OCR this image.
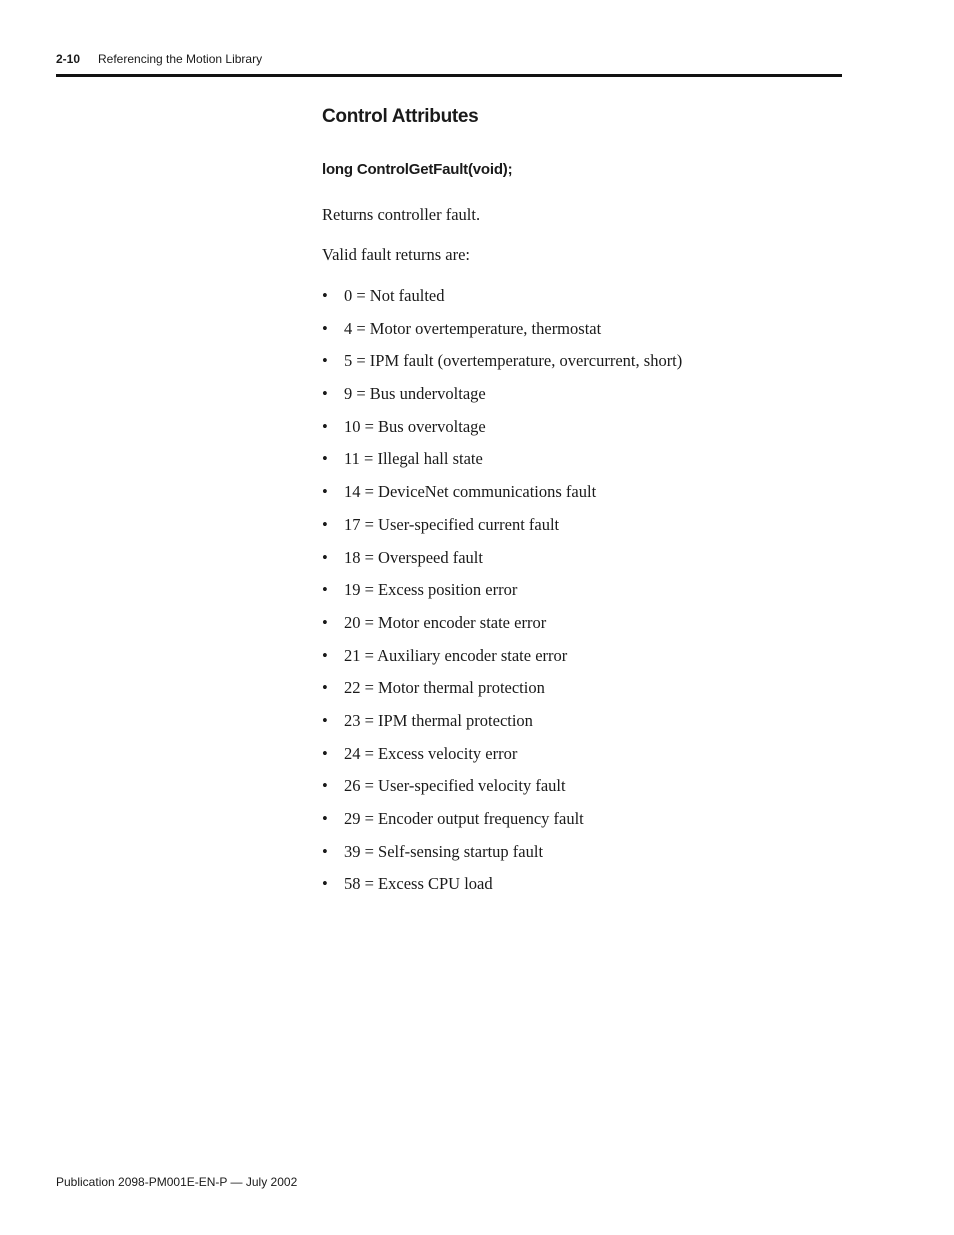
2-10 Referencing the Motion Library
Control Attributes
long ControlGetFault(void);

Returns controller fault.

Valid fault returns are:

• 0 = Not faulted
• 4 = Motor overtemperature, thermostat
• 5 = IPM fault (overtemperature, overcurrent, short)
• 9 = Bus undervoltage
• 10 = Bus overvoltage
• 11 = Illegal hall state
• 14 = DeviceNet communications fault
• 17 = User-specified current fault
• 18 = Overspeed fault
• 19 = Excess position error
• 20 = Motor encoder state error
• 21 = Auxiliary encoder state error
• 22 = Motor thermal protection
• 23 = IPM thermal protection
• 24 = Excess velocity error
• 26 = User-specified velocity fault
• 29 = Encoder output frequency fault
• 39 = Self-sensing startup fault
• 58 = Excess CPU load
Publication 2098-PM001E-EN-P — July 2002
